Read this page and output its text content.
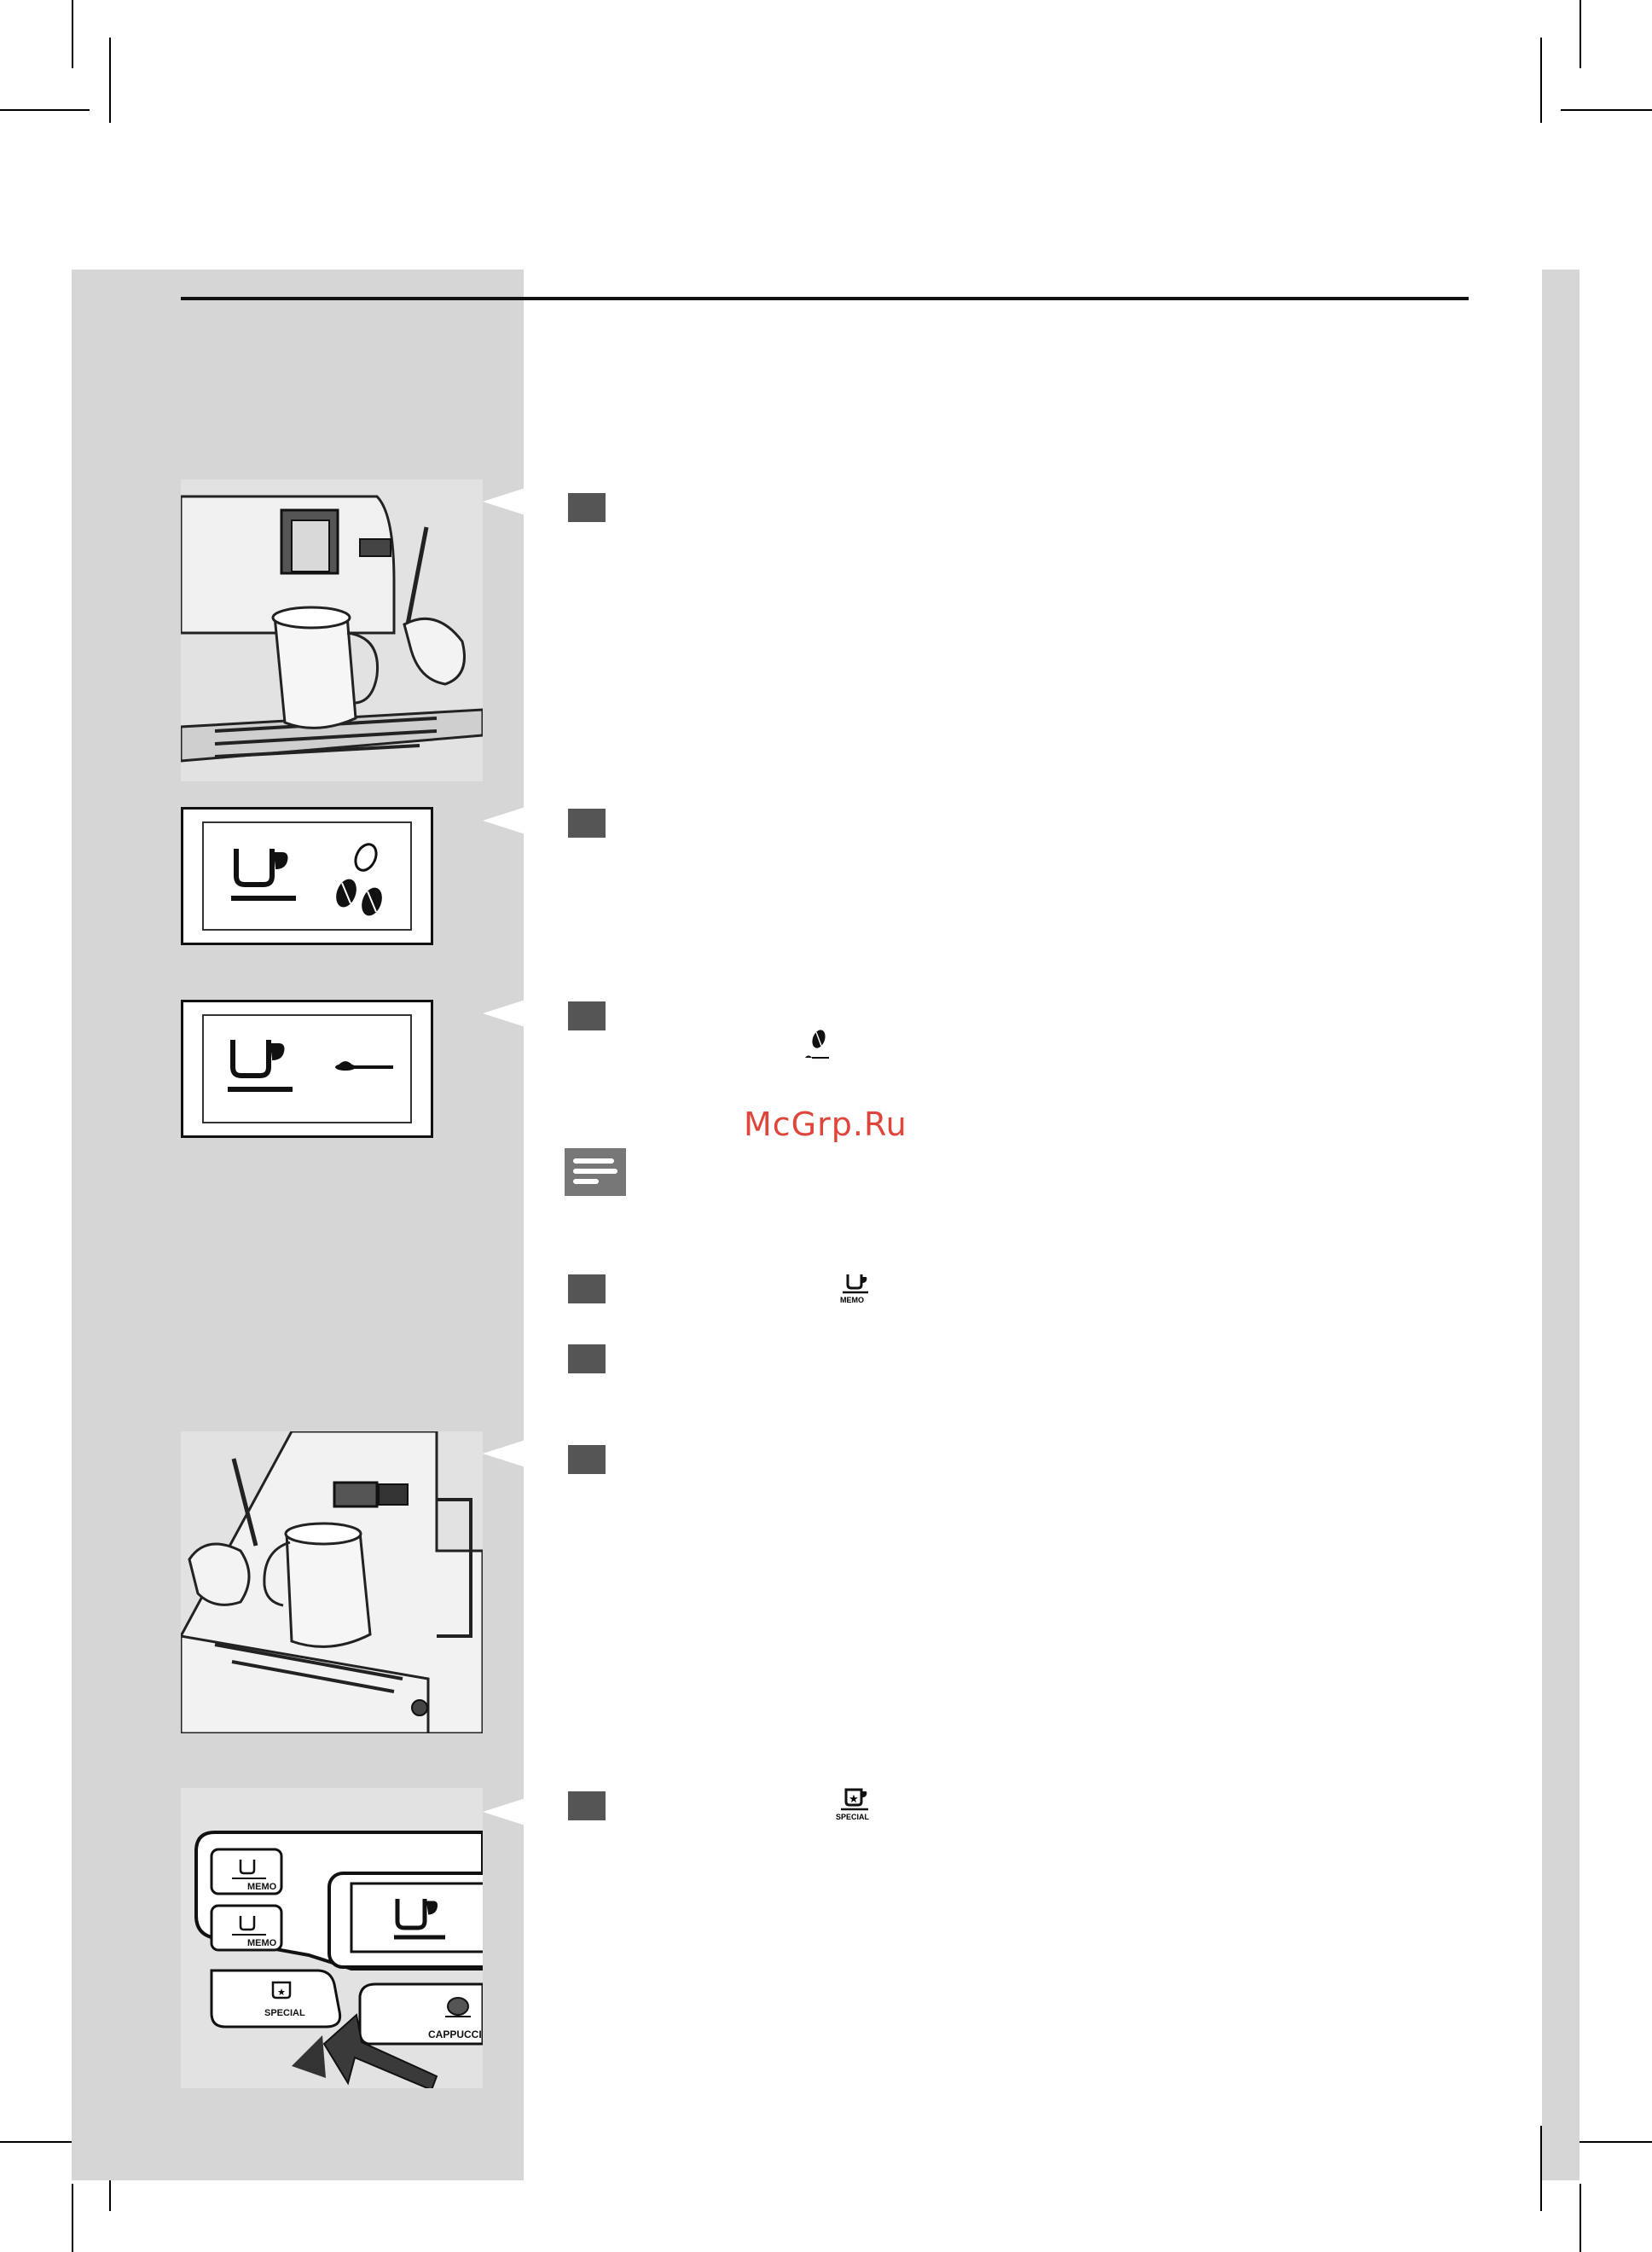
★
MEMO
MEMO
SPECIAL
CAPPUCCI
McGrp.Ru
MEMO
★
SPECIAL
